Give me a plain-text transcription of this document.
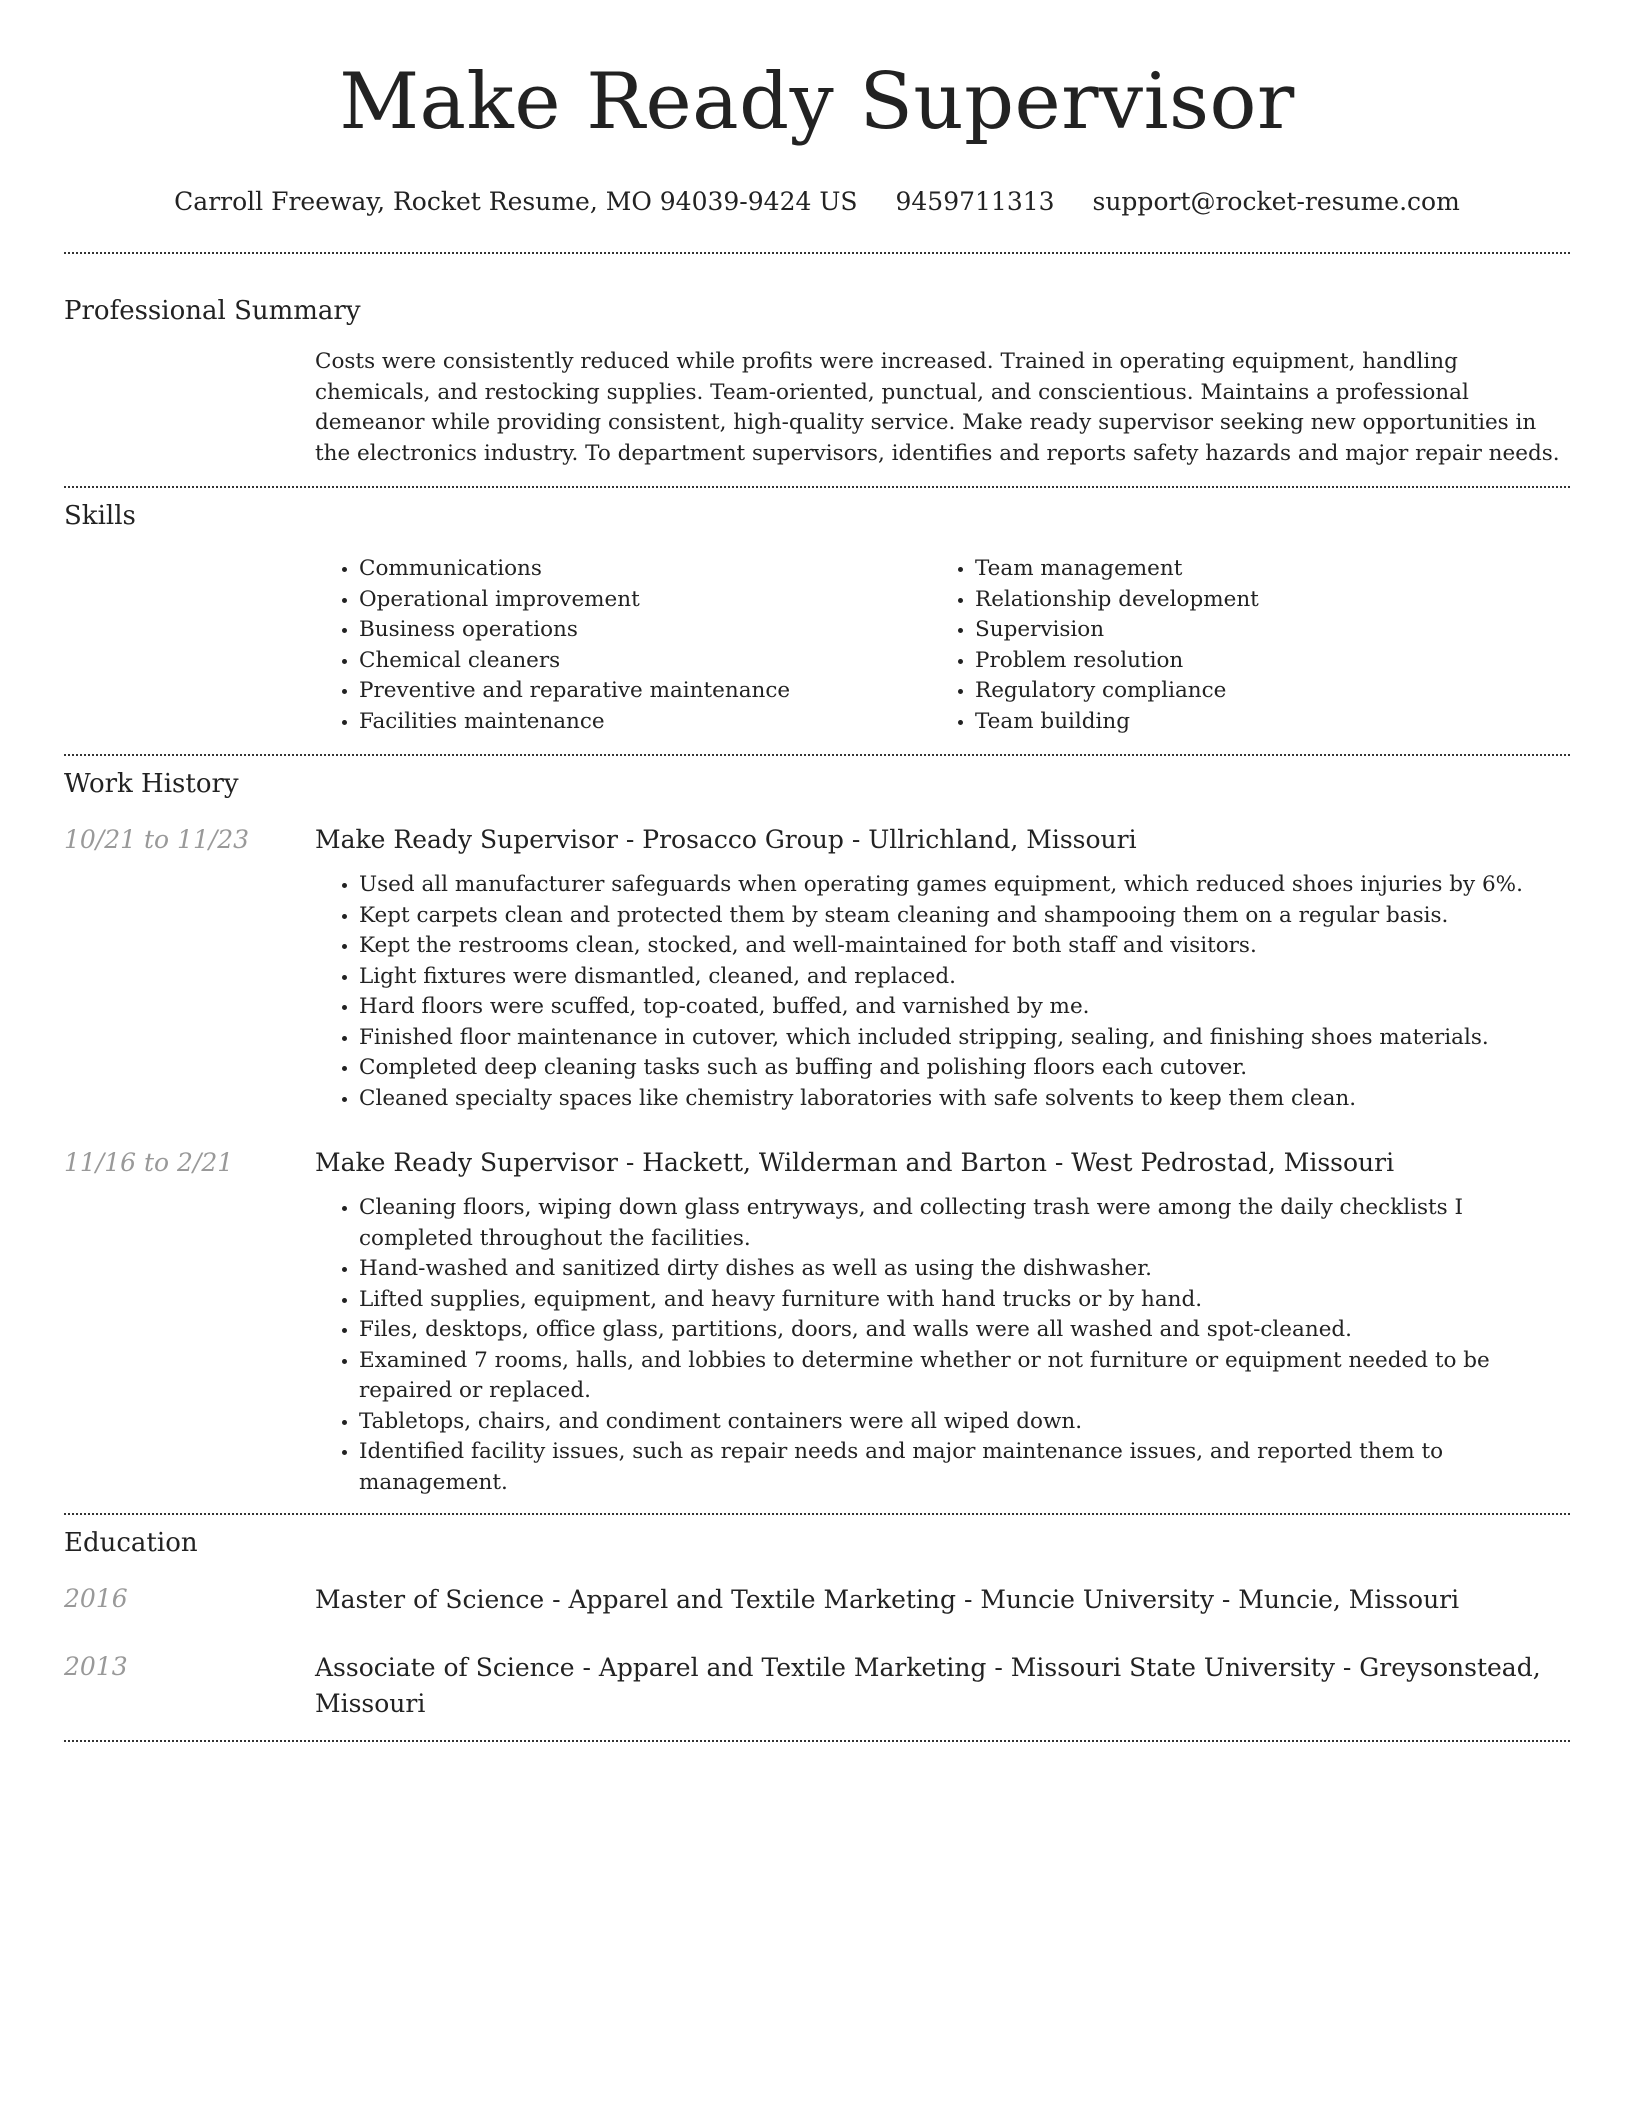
Make Ready Supervisor
Carroll Freeway, Rocket Resume, MO 94039-9424 US 9459711313 support@rocket-resume.com
Professional Summary
Costs were consistently reduced while profits were increased. Trained in operating equipment, handling chemicals, and restocking supplies. Team-oriented, punctual, and conscientious. Maintains a professional demeanor while providing consistent, high-quality service. Make ready supervisor seeking new opportunities in the electronics industry. To department supervisors, identifies and reports safety hazards and major repair needs.
Skills
• Communications
• Operational improvement
• Business operations
• Chemical cleaners
• Preventive and reparative maintenance
• Facilities maintenance
• Team management
• Relationship development
• Supervision
• Problem resolution
• Regulatory compliance
• Team building
Work History
10/21 to 11/23	Make Ready Supervisor - Prosacco Group - Ullrichland, Missouri
• Used all manufacturer safeguards when operating games equipment, which reduced shoes injuries by 6%.
• Kept carpets clean and protected them by steam cleaning and shampooing them on a regular basis.
• Kept the restrooms clean, stocked, and well-maintained for both staff and visitors.
• Light fixtures were dismantled, cleaned, and replaced.
• Hard floors were scuffed, top-coated, buffed, and varnished by me.
• Finished floor maintenance in cutover, which included stripping, sealing, and finishing shoes materials.
• Completed deep cleaning tasks such as buffing and polishing floors each cutover.
• Cleaned specialty spaces like chemistry laboratories with safe solvents to keep them clean.
11/16 to 2/21	Make Ready Supervisor - Hackett, Wilderman and Barton - West Pedrostad, Missouri
• Cleaning floors, wiping down glass entryways, and collecting trash were among the daily checklists I completed throughout the facilities.
• Hand-washed and sanitized dirty dishes as well as using the dishwasher.
• Lifted supplies, equipment, and heavy furniture with hand trucks or by hand.
• Files, desktops, office glass, partitions, doors, and walls were all washed and spot-cleaned.
• Examined 7 rooms, halls, and lobbies to determine whether or not furniture or equipment needed to be repaired or replaced.
• Tabletops, chairs, and condiment containers were all wiped down.
• Identified facility issues, such as repair needs and major maintenance issues, and reported them to management.
Education
2016	Master of Science - Apparel and Textile Marketing - Muncie University - Muncie, Missouri
2013	Associate of Science - Apparel and Textile Marketing - Missouri State University - Greysonstead, Missouri
